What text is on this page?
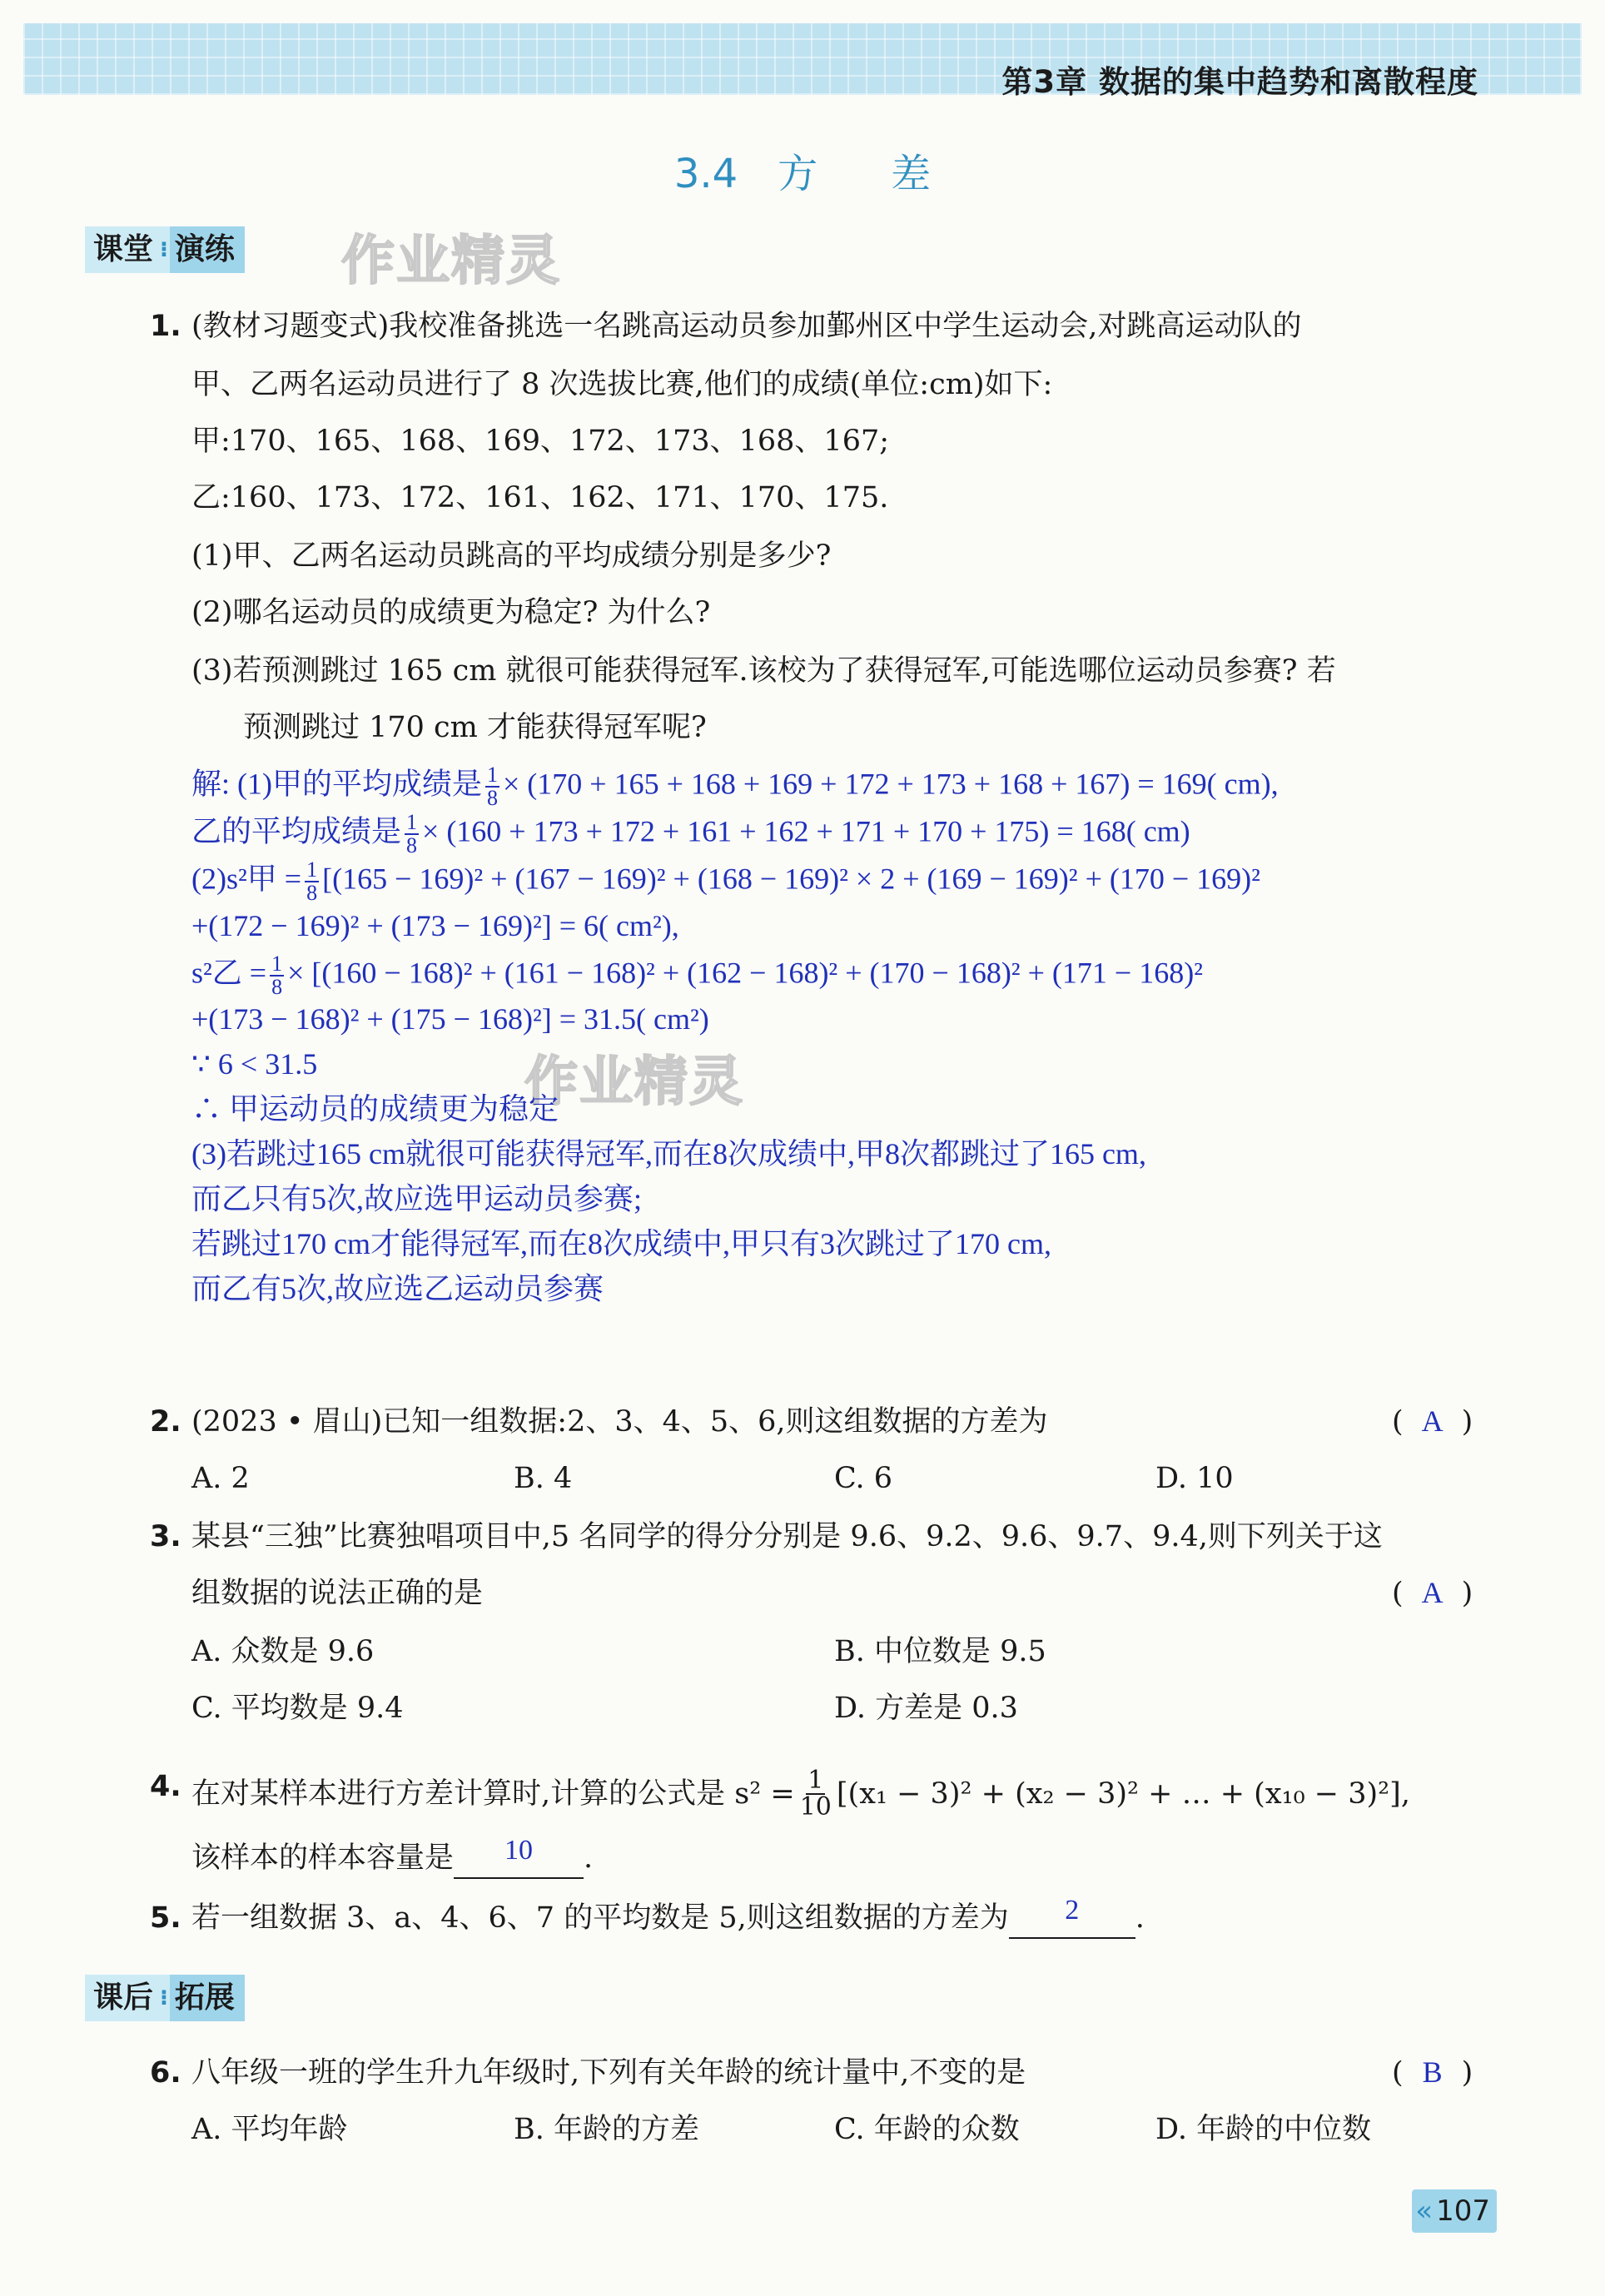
第3章 数据的集中趋势和离散程度
3.4 方 差
课堂 ⁝ 演练 作业精灵
1. (教材习题变式)我校准备挑选一名跳高运动员参加鄞州区中学生运动会,对跳高运动队的
甲、乙两名运动员进行了 8 次选拔比赛,他们的成绩(单位:cm)如下:
甲:170、165、168、169、172、173、168、167;
乙:160、173、172、161、162、171、170、175.
(1)甲、乙两名运动员跳高的平均成绩分别是多少?
(2)哪名运动员的成绩更为稳定? 为什么?
(3)若预测跳过 165 cm 就很可能获得冠军.该校为了获得冠军,可能选哪位运动员参赛? 若
预测跳过 170 cm 才能获得冠军呢?
解: (1)甲的平均成绩是 $\frac{1}{8} \times (170 + 165 + 168 + 169 + 172 + 173 + 168 + 167) = 169$( cm),
乙的平均成绩是 $\frac{1}{8} \times (160 + 173 + 172 + 161 + 162 + 171 + 170 + 175) = 168$( cm)
(2)s²甲 = $\frac{1}{8} [(165 - 169)^2 + (167 - 169)^2 + (168 - 169)^2 \times 2 + (169 - 169)^2 + (170 - 169)^2$
+(172 − 169)² + (173 − 169)²] = 6( cm²),
s²乙 = $\frac{1}{8} \times [(160 - 168)^2 + (161 - 168)^2 + (162 - 168)^2 + (170 - 168)^2 + (171 - 168)^2$
+(173 − 168)² + (175 − 168)²] = 31.5( cm²)
∵ 6 < 31.5	作业精灵
∴ 甲运动员的成绩更为稳定
(3)若跳过165 cm就很可能获得冠军,而在8次成绩中,甲8次都跳过了165 cm,
而乙只有5次,故应选甲运动员参赛;
若跳过170 cm才能得冠军,而在8次成绩中,甲只有3次跳过了170 cm,
而乙有5次,故应选乙运动员参赛
2. (2023 • 眉山)已知一组数据:2、3、4、5、6,则这组数据的方差为	( A )
A. 2	B. 4	C. 6	D. 10
3. 某县“三独”比赛独唱项目中,5 名同学的得分分别是 9.6、9.2、9.6、9.7、9.4,则下列关于这
组数据的说法正确的是	( A )
A. 众数是 9.6	B. 中位数是 9.5
C. 平均数是 9.4	D. 方差是 0.3
4. 在对某样本进行方差计算时,计算的公式是 $s^2 = \frac{1}{10} [(x_1 - 3)^2 + (x_2 - 3)^2$ + … + (x₁₀ − 3)²],
该样本的样本容量是 10 .
5. 若一组数据 3、a、4、6、7 的平均数是 5,则这组数据的方差为 2 .
课后 ⁝ 拓展
6. 八年级一班的学生升九年级时,下列有关年龄的统计量中,不变的是	( B )
A. 平均年龄	B. 年龄的方差	C. 年龄的众数	D. 年龄的中位数
« 107
